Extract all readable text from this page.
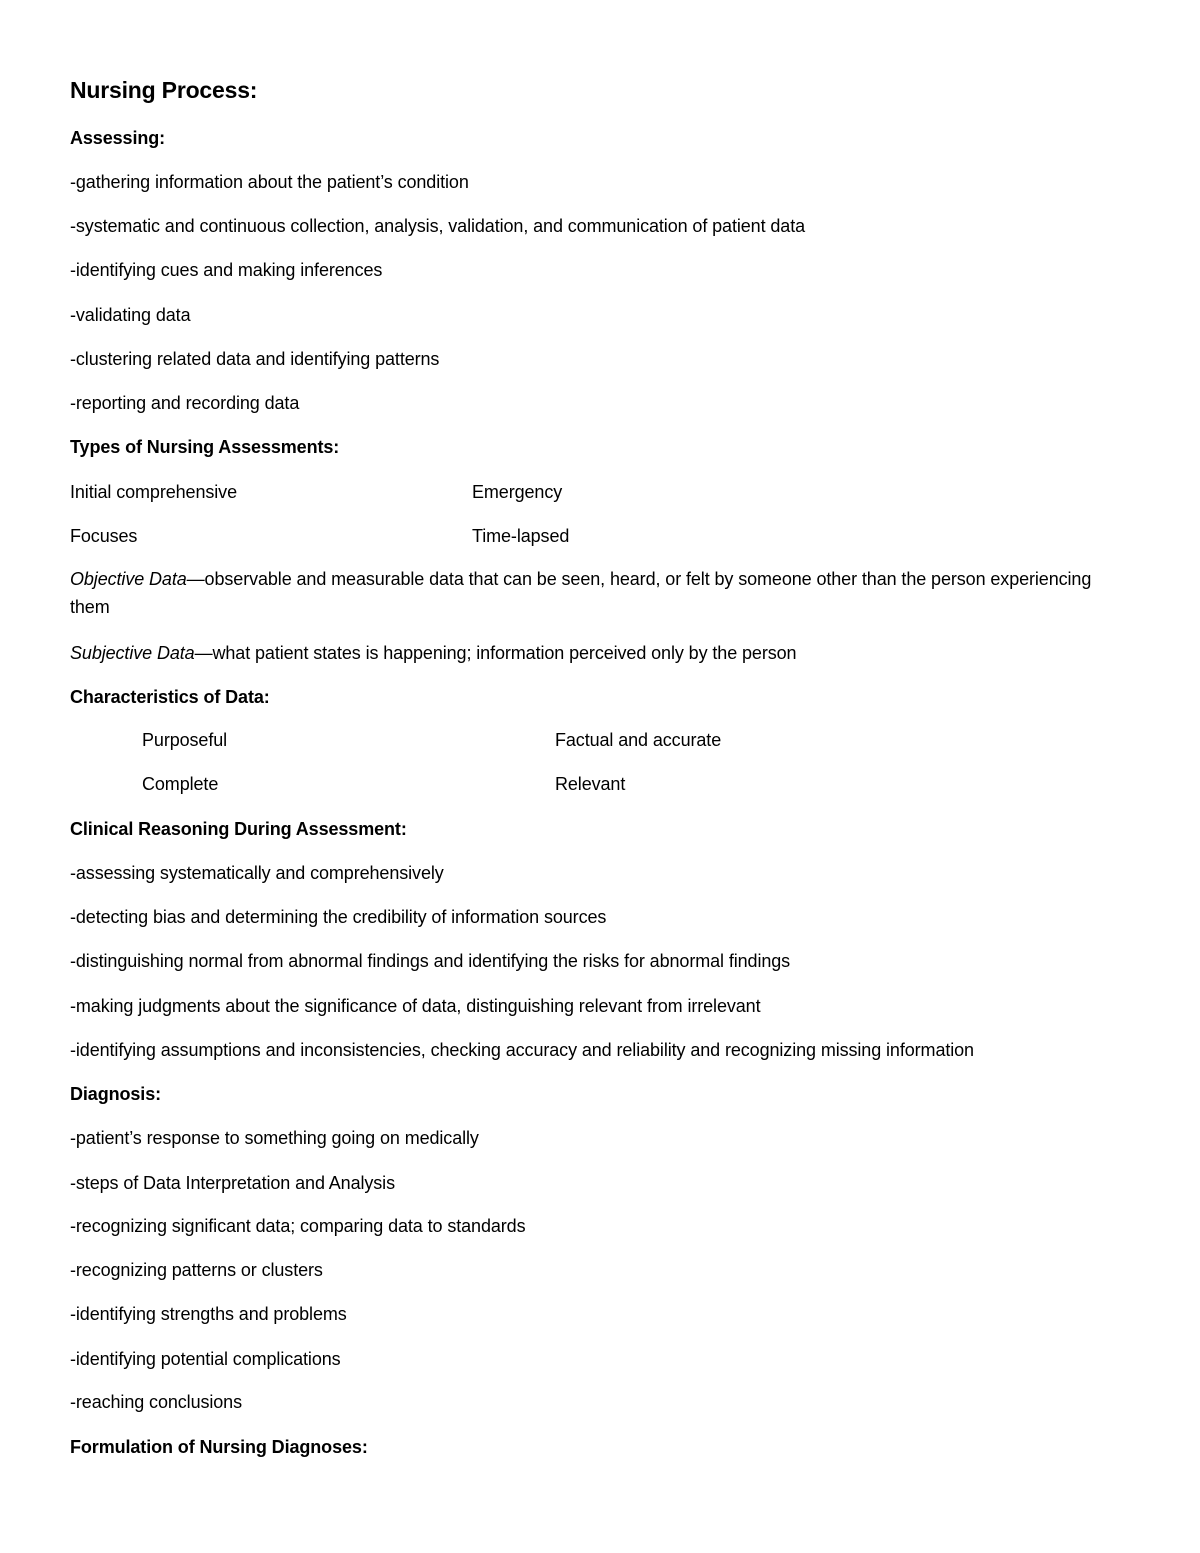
Nursing Process:
Assessing:
-gathering information about the patient’s condition
-systematic and continuous collection, analysis, validation, and communication of patient data
-identifying cues and making inferences
-validating data
-clustering related data and identifying patterns
-reporting and recording data
Types of Nursing Assessments:
Initial comprehensive	Emergency
Focuses	Time-lapsed
Objective Data—observable and measurable data that can be seen, heard, or felt by someone other than the person experiencing them
Subjective Data—what patient states is happening; information perceived only by the person
Characteristics of Data:
Purposeful	Factual and accurate
Complete	Relevant
Clinical Reasoning During Assessment:
-assessing systematically and comprehensively
-detecting bias and determining the credibility of information sources
-distinguishing normal from abnormal findings and identifying the risks for abnormal findings
-making judgments about the significance of data, distinguishing relevant from irrelevant
-identifying assumptions and inconsistencies, checking accuracy and reliability and recognizing missing information
Diagnosis:
-patient’s response to something going on medically
-steps of Data Interpretation and Analysis
-recognizing significant data; comparing data to standards
-recognizing patterns or clusters
-identifying strengths and problems
-identifying potential complications
-reaching conclusions
Formulation of Nursing Diagnoses:
